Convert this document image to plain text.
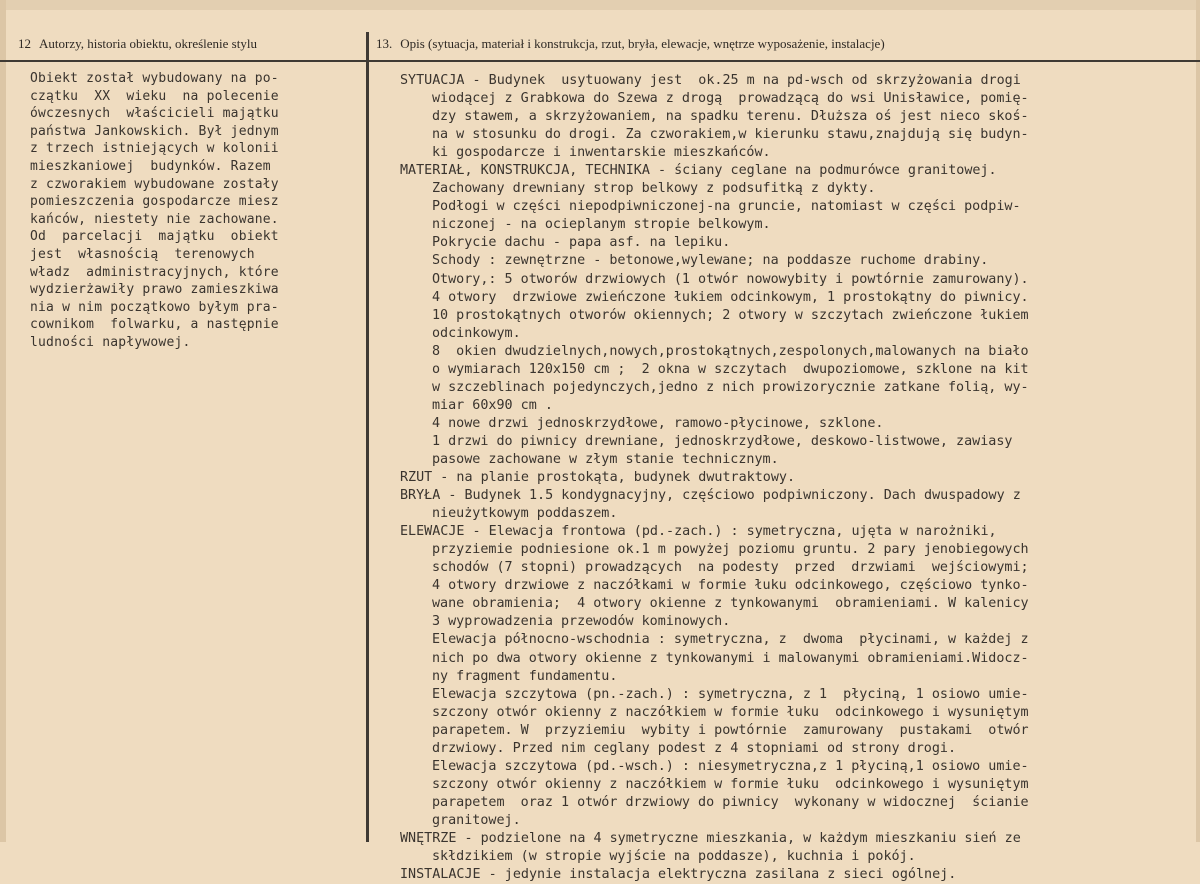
12 Autorzy, historia obiektu, określenie stylu	13. Opis (sytuacja, materiał i konstrukcja, rzut, bryła, elewacje, wnętrze wyposażenie, instalacje)
Obiekt został wybudowany na po-
czątku  XX  wieku  na polecenie
ówczesnych  właścicieli majątku
państwa Jankowskich. Był jednym
z trzech istniejących w kolonii
mieszkaniowej  budynków. Razem
z czworakiem wybudowane zostały
pomieszczenia gospodarcze miesz
kańców, niestety nie zachowane.
Od  parcelacji  majątku  obiekt
jest  własnością  terenowych
władz  administracyjnych, które
wydzierżawiły prawo zamieszkiwa
nia w nim początkowo byłym pra-
cownikom  folwarku, a następnie
ludności napływowej.
SYTUACJA - Budynek  usytuowany jest  ok.25 m na pd-wsch od skrzyżowania drogi
wiodącej z Grabkowa do Szewa z drogą  prowadzącą do wsi Unisławice, pomię-
dzy stawem, a skrzyżowaniem, na spadku terenu. Dłuższa oś jest nieco skoś-
na w stosunku do drogi. Za czworakiem,w kierunku stawu,znajdują się budyn-
ki gospodarcze i inwentarskie mieszkańców.
MATERIAŁ, KONSTRUKCJA, TECHNIKA - ściany ceglane na podmurówce granitowej.
Zachowany drewniany strop belkowy z podsufitką z dykty.
Podłogi w części niepodpiwniczonej-na gruncie, natomiast w części podpiw-
niczonej - na ocieplanym stropie belkowym.
Pokrycie dachu - papa asf. na lepiku.
Schody : zewnętrzne - betonowe,wylewane; na poddasze ruchome drabiny.
Otwory,: 5 otworów drzwiowych (1 otwór nowowybity i powtórnie zamurowany).
4 otwory  drzwiowe zwieńczone łukiem odcinkowym, 1 prostokątny do piwnicy.
10 prostokątnych otworów okiennych; 2 otwory w szczytach zwieńczone łukiem
odcinkowym.
8  okien dwudzielnych,nowych,prostokątnych,zespolonych,malowanych na biało
o wymiarach 120x150 cm ;  2 okna w szczytach  dwupoziomowe, szklone na kit
w szczeblinach pojedynczych,jedno z nich prowizorycznie zatkane folią, wy-
miar 60x90 cm .
4 nowe drzwi jednoskrzydłowe, ramowo-płycinowe, szklone.
1 drzwi do piwnicy drewniane, jednoskrzydłowe, deskowo-listwowe, zawiasy
pasowe zachowane w złym stanie technicznym.
RZUT - na planie prostokąta, budynek dwutraktowy.
BRYŁA - Budynek 1.5 kondygnacyjny, częściowo podpiwniczony. Dach dwuspadowy z
nieużytkowym poddaszem.
ELEWACJE - Elewacja frontowa (pd.-zach.) : symetryczna, ujęta w narożniki,
przyziemie podniesione ok.1 m powyżej poziomu gruntu. 2 pary jenobiegowych
schodów (7 stopni) prowadzących  na podesty  przed  drzwiami  wejściowymi;
4 otwory drzwiowe z naczółkami w formie łuku odcinkowego, częściowo tynko-
wane obramienia;  4 otwory okienne z tynkowanymi  obramieniami. W kalenicy
3 wyprowadzenia przewodów kominowych.
Elewacja północno-wschodnia : symetryczna, z  dwoma  płycinami, w każdej z
nich po dwa otwory okienne z tynkowanymi i malowanymi obramieniami.Widocz-
ny fragment fundamentu.
Elewacja szczytowa (pn.-zach.) : symetryczna, z 1  płyciną, 1 osiowo umie-
szczony otwór okienny z naczółkiem w formie łuku  odcinkowego i wysuniętym
parapetem. W  przyziemiu  wybity i powtórnie  zamurowany  pustakami  otwór
drzwiowy. Przed nim ceglany podest z 4 stopniami od strony drogi.
Elewacja szczytowa (pd.-wsch.) : niesymetryczna,z 1 płyciną,1 osiowo umie-
szczony otwór okienny z naczółkiem w formie łuku  odcinkowego i wysuniętym
parapetem  oraz 1 otwór drzwiowy do piwnicy  wykonany w widocznej  ścianie
granitowej.
WNĘTRZE - podzielone na 4 symetryczne mieszkania, w każdym mieszkaniu sień ze
skłdzikiem (w stropie wyjście na poddasze), kuchnia i pokój.
INSTALACJE - jedynie instalacja elektryczna zasilana z sieci ogólnej.
